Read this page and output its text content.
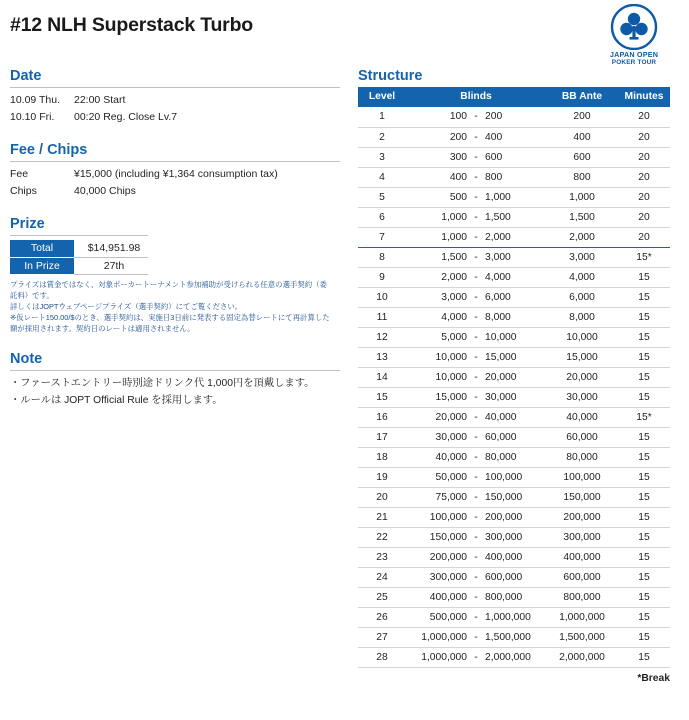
#12 NLH Superstack Turbo
JAPAN OPEN
POKER TOUR
Date
10.09 Thu.	22:00 Start
10.10 Fri.	00:20 Reg. Close Lv.7
Fee / Chips
Fee	¥15,000 (including ¥1,364 consumption tax)
Chips	40,000 Chips
Prize
Total	$14,951.98
In Prize	27th
プライズは賞金ではなく、対象ポーカートーナメント参加補助が受けられる任意の選手契約（委託料）です。
詳しくはJOPTウェブページプライズ（選手契約）にてご覧ください。
※仮レート150.00/$のとき、選手契約は、実施日3日前に発表する固定為替レートにて再計算した額が採用されます。契約日のレートは適用されません。
Note
・ファーストエントリー時別途ドリンク代 1,000円を頂戴します。
・ルールは JOPT Official Rule を採用します。
Structure
Level	Blinds	BB Ante	Minutes
1	100 - 200	200	20
2	200 - 400	400	20
3	300 - 600	600	20
4	400 - 800	800	20
5	500 - 1,000	1,000	20
6	1,000 - 1,500	1,500	20
7	1,000 - 2,000	2,000	20
8	1,500 - 3,000	3,000	15*
9	2,000 - 4,000	4,000	15
10	3,000 - 6,000	6,000	15
11	4,000 - 8,000	8,000	15
12	5,000 - 10,000	10,000	15
13	10,000 - 15,000	15,000	15
14	10,000 - 20,000	20,000	15
15	15,000 - 30,000	30,000	15
16	20,000 - 40,000	40,000	15*
17	30,000 - 60,000	60,000	15
18	40,000 - 80,000	80,000	15
19	50,000 - 100,000	100,000	15
20	75,000 - 150,000	150,000	15
21	100,000 - 200,000	200,000	15
22	150,000 - 300,000	300,000	15
23	200,000 - 400,000	400,000	15
24	300,000 - 600,000	600,000	15
25	400,000 - 800,000	800,000	15
26	500,000 - 1,000,000	1,000,000	15
27	1,000,000 - 1,500,000	1,500,000	15
28	1,000,000 - 2,000,000	2,000,000	15
*Break
